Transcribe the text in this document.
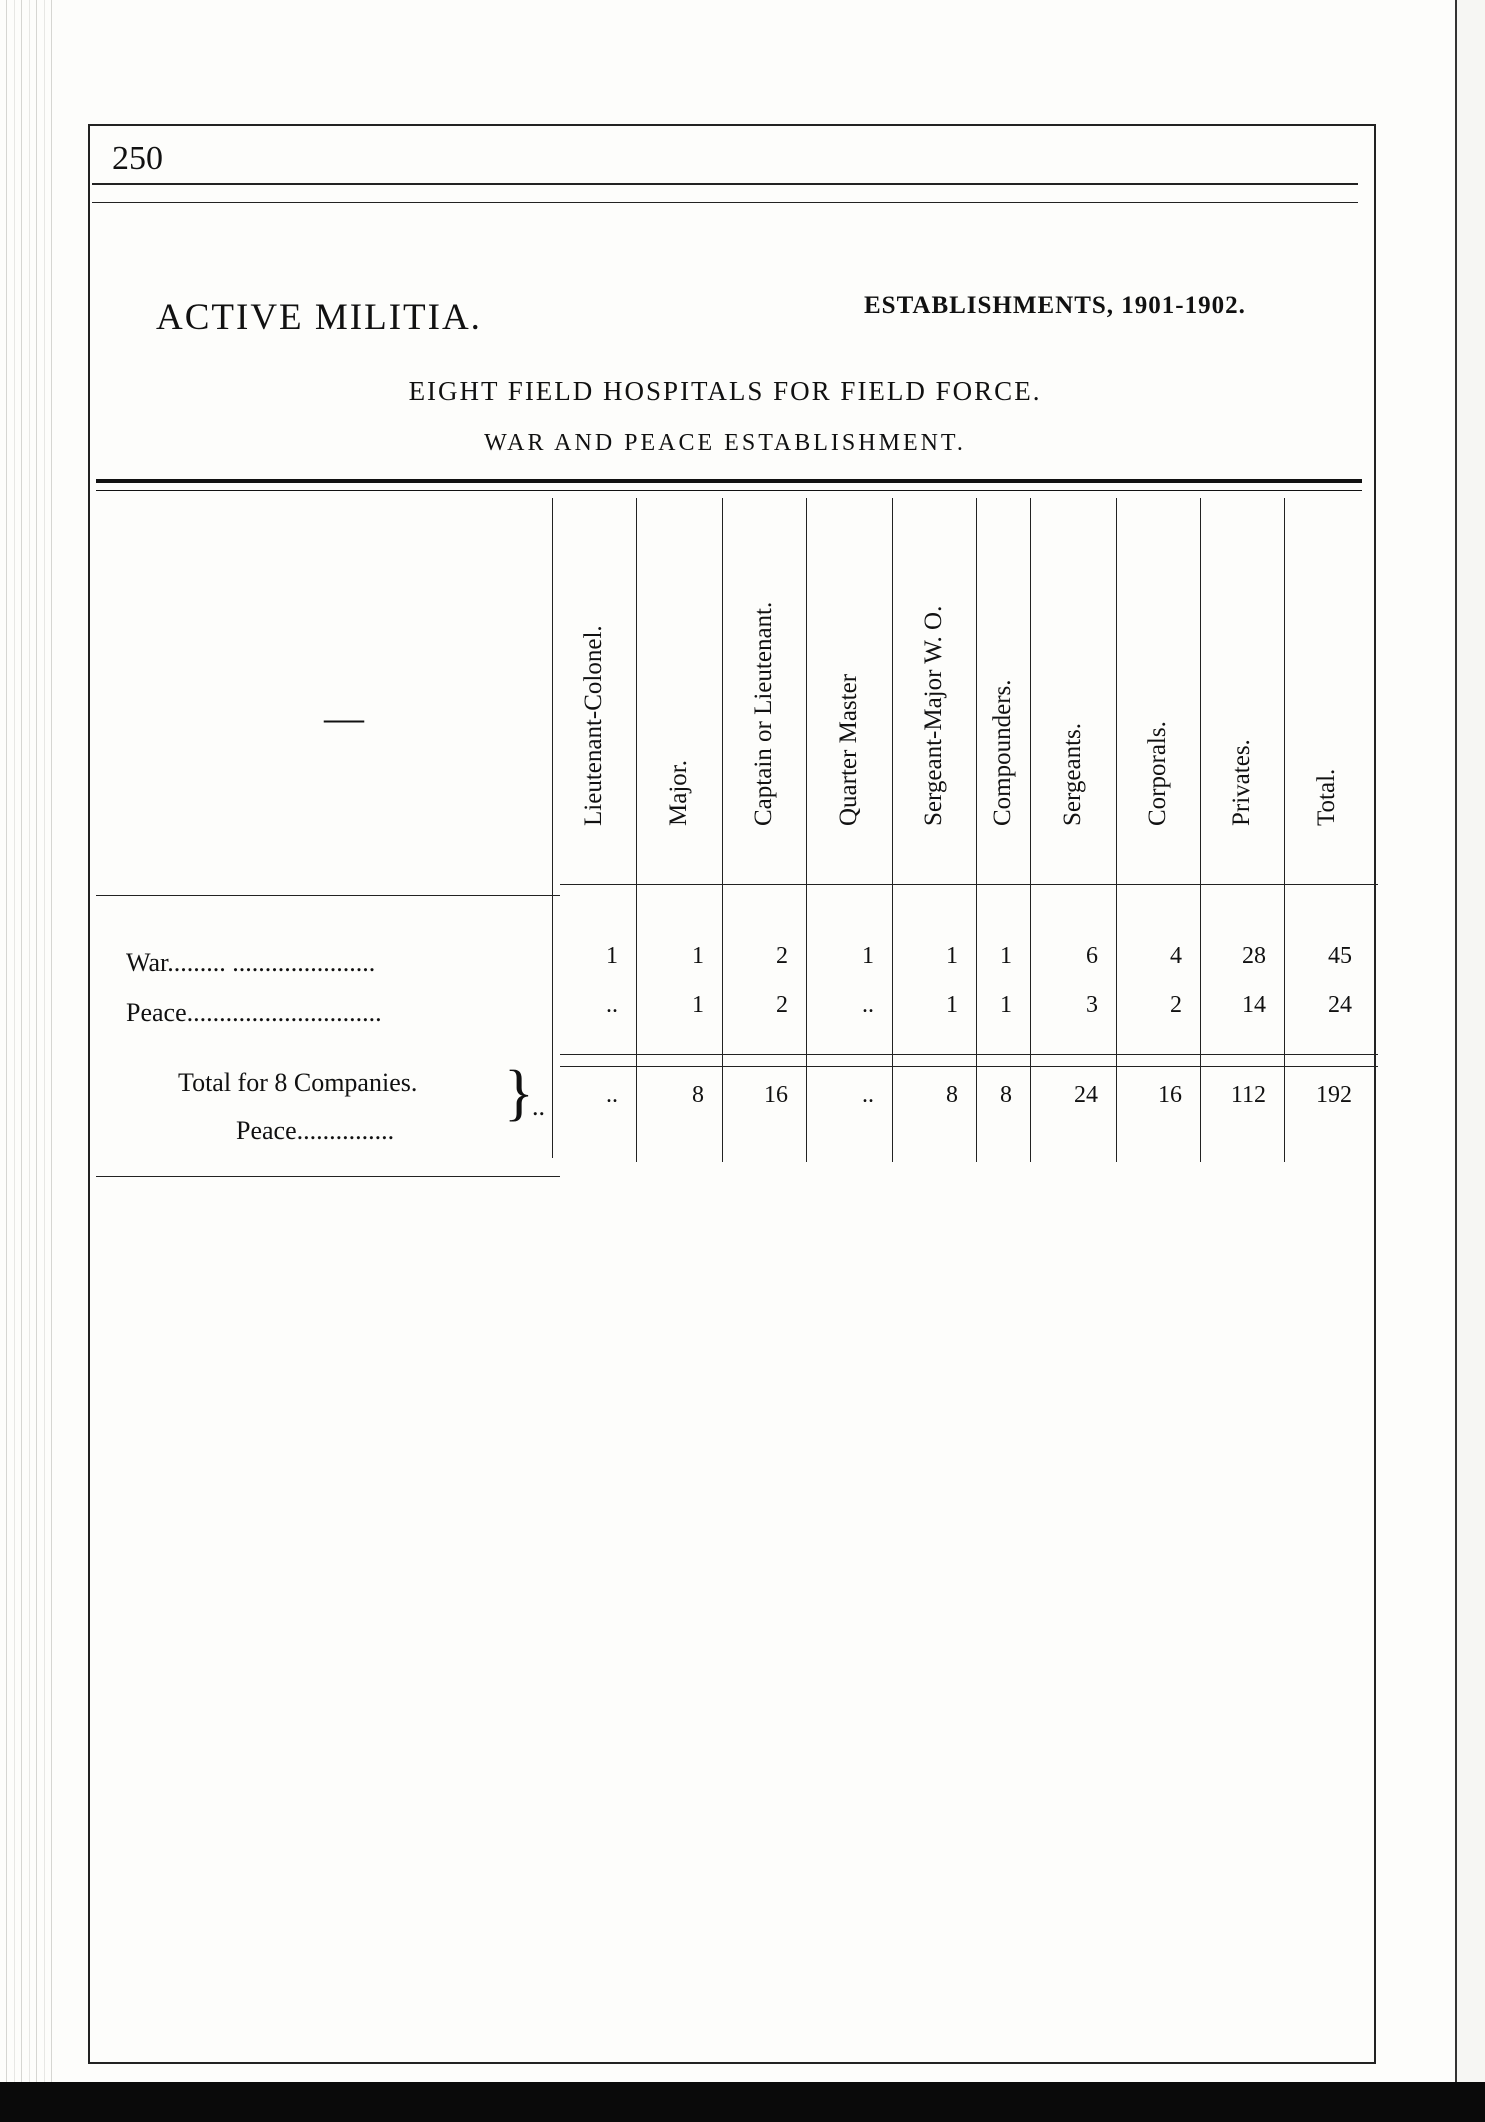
250
ACTIVE MILITIA.	ESTABLISHMENTS, 1901-1902.
EIGHT FIELD HOSPITALS FOR FIELD FORCE.
WAR AND PEACE ESTABLISHMENT.
—
War......... ......................
Peace..............................
Total for 8 Companies.
Peace...............
}
..
Lieutenant-Colonel. Major. Captain or Lieutenant. Quarter Master Sergeant-Major W. O. Compounders. Sergeants. Corporals. Privates. Total.
1
..
..
1
1
8
2
2
16
1
..
..
1
1
8
1
1
8
6
3
24
4
2
16
28
14
112
45
24
192
